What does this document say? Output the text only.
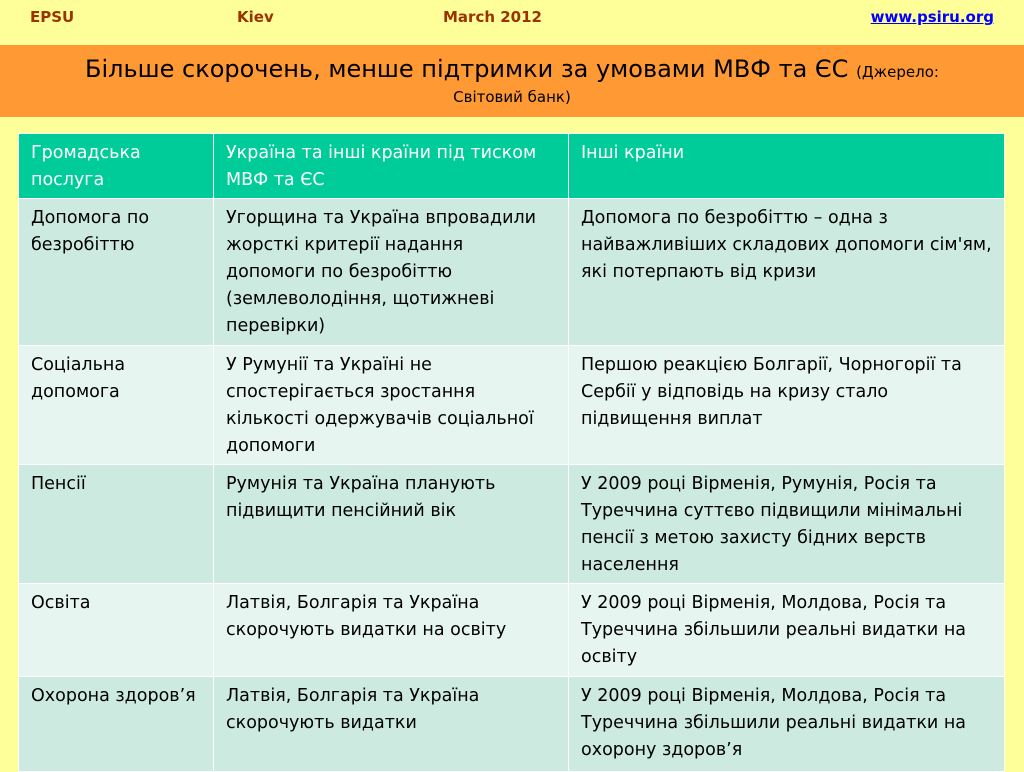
EPSU	Kiev	March 2012	www.psiru.org
Більше скорочень, менше підтримки за умовами МВФ та ЄС (Джерело:
Світовий банк)
Громадська послуга	Україна та інші країни під тиском МВФ та ЄС	Інші країни
Допомога по безробіттю	Угорщина та Україна впровадили жорсткі критерії надання допомоги по безробіттю (землеволодіння, щотижневі перевірки)	Допомога по безробіттю – одна з найважливіших складових допомоги сім'ям, які потерпають від кризи
Соціальна допомога	У Румунії та Україні не спостерігається зростання кількості одержувачів соціальної допомоги	Першою реакцією Болгарії, Чорногорії та Сербії у відповідь на кризу стало підвищення виплат
Пенсії	Румунія та Україна планують підвищити пенсійний вік	У 2009 році Вірменія, Румунія, Росія та Туреччина суттєво підвищили мінімальні пенсії з метою захисту бідних верств населення
Освіта	Латвія, Болгарія та Україна скорочують видатки на освіту	У 2009 році Вірменія, Молдова, Росія та Туреччина збільшили реальні видатки на освіту
Охорона здоров’я	Латвія, Болгарія та Україна скорочують видатки	У 2009 році Вірменія, Молдова, Росія та Туреччина збільшили реальні видатки на охорону здоров’я
